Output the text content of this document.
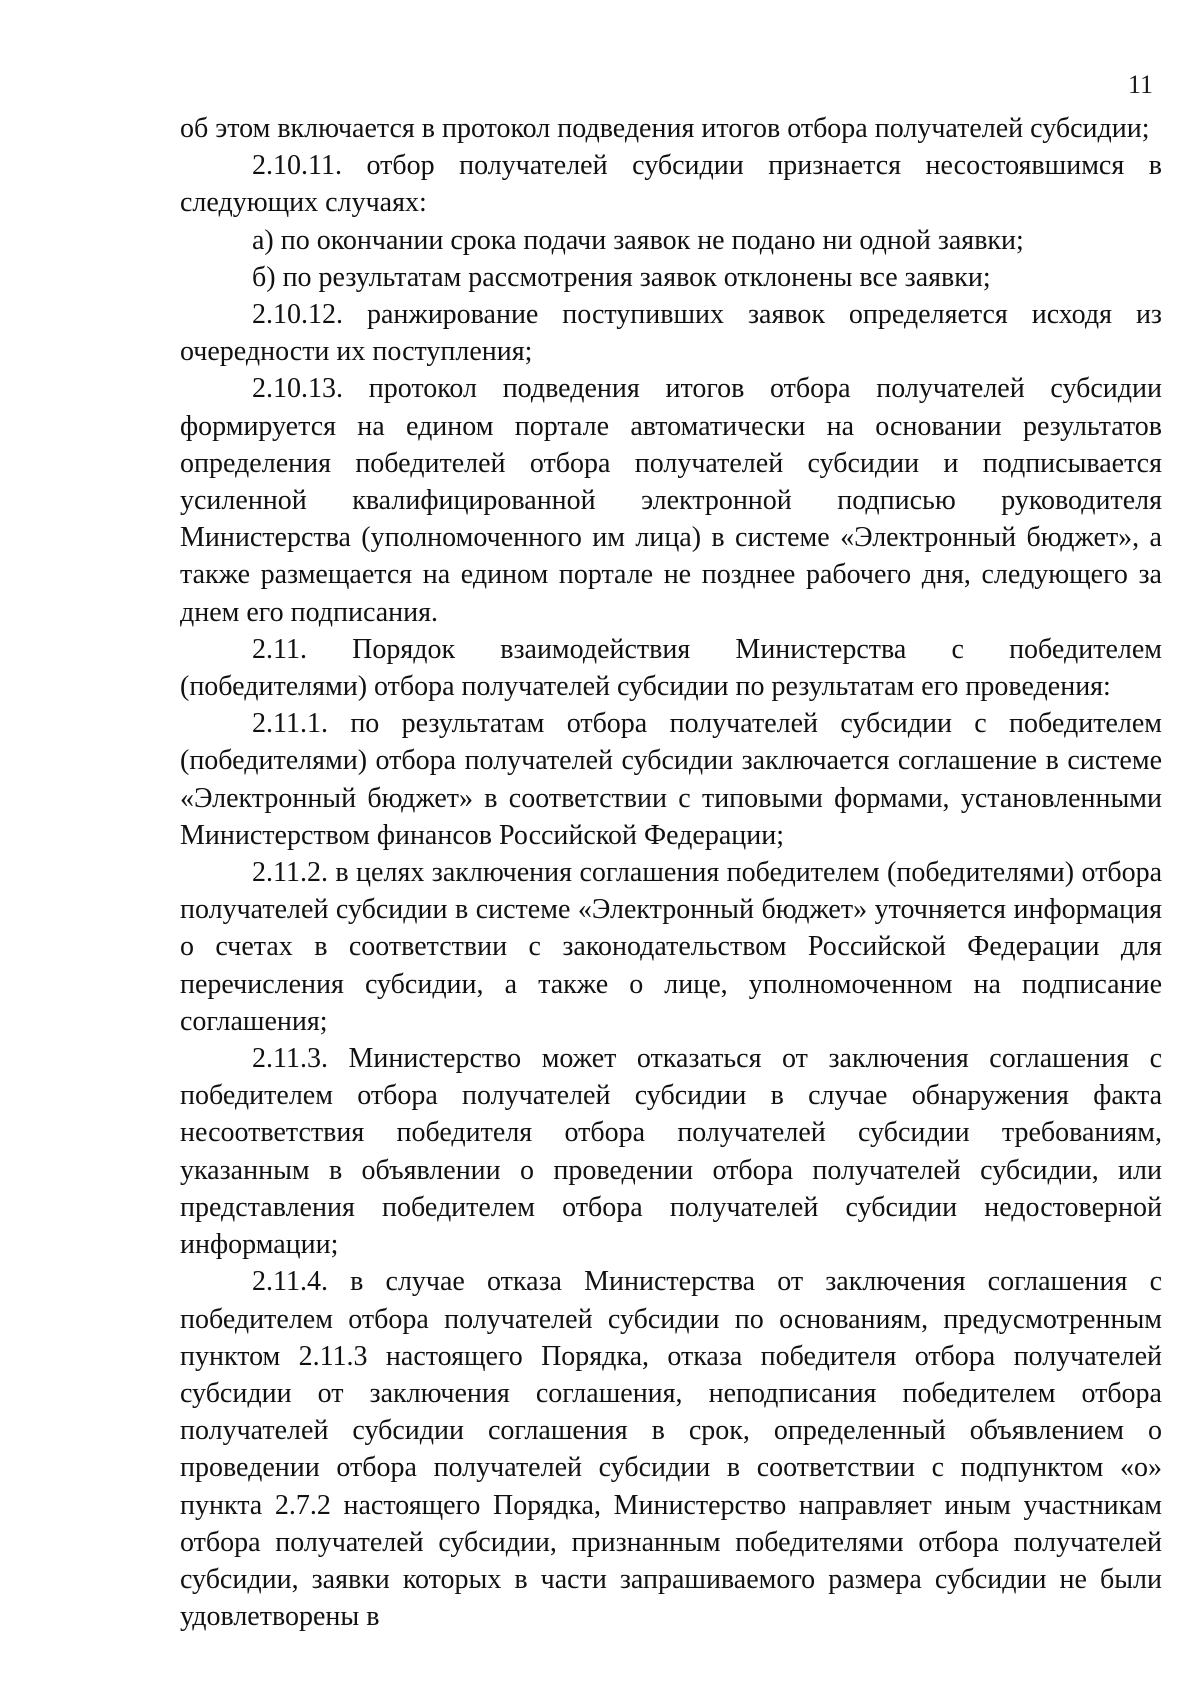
11

об этом включается в протокол подведения итогов отбора получателей субсидии;

2.10.11. отбор получателей субсидии признается несостоявшимся в следующих случаях:

а) по окончании срока подачи заявок не подано ни одной заявки;

б) по результатам рассмотрения заявок отклонены все заявки;

2.10.12. ранжирование поступивших заявок определяется исходя из очередности их поступления;

2.10.13. протокол подведения итогов отбора получателей субсидии формируется на едином портале автоматически на основании результатов определения победителей отбора получателей субсидии и подписывается усиленной квалифицированной электронной подписью руководителя Министерства (уполномоченного им лица) в системе «Электронный бюджет», а также размещается на едином портале не позднее рабочего дня, следующего за днем его подписания.

2.11. Порядок взаимодействия Министерства с победителем (победителями) отбора получателей субсидии по результатам его проведения:

2.11.1. по результатам отбора получателей субсидии с победителем (победителями) отбора получателей субсидии заключается соглашение в системе «Электронный бюджет» в соответствии с типовыми формами, установленными Министерством финансов Российской Федерации;

2.11.2. в целях заключения соглашения победителем (победителями) отбора получателей субсидии в системе «Электронный бюджет» уточняется информация о счетах в соответствии с законодательством Российской Федерации для перечисления субсидии, а также о лице, уполномоченном на подписание соглашения;

2.11.3. Министерство может отказаться от заключения соглашения с победителем отбора получателей субсидии в случае обнаружения факта несоответствия победителя отбора получателей субсидии требованиям, указанным в объявлении о проведении отбора получателей субсидии, или представления победителем отбора получателей субсидии недостоверной информации;

2.11.4. в случае отказа Министерства от заключения соглашения с победителем отбора получателей субсидии по основаниям, предусмотренным пунктом 2.11.3 настоящего Порядка, отказа победителя отбора получателей субсидии от заключения соглашения, неподписания победителем отбора получателей субсидии соглашения в срок, определенный объявлением о проведении отбора получателей субсидии в соответствии с подпунктом «о» пункта 2.7.2 настоящего Порядка, Министерство направляет иным участникам отбора получателей субсидии, признанным победителями отбора получателей субсидии, заявки которых в части запрашиваемого размера субсидии не были удовлетворены в
